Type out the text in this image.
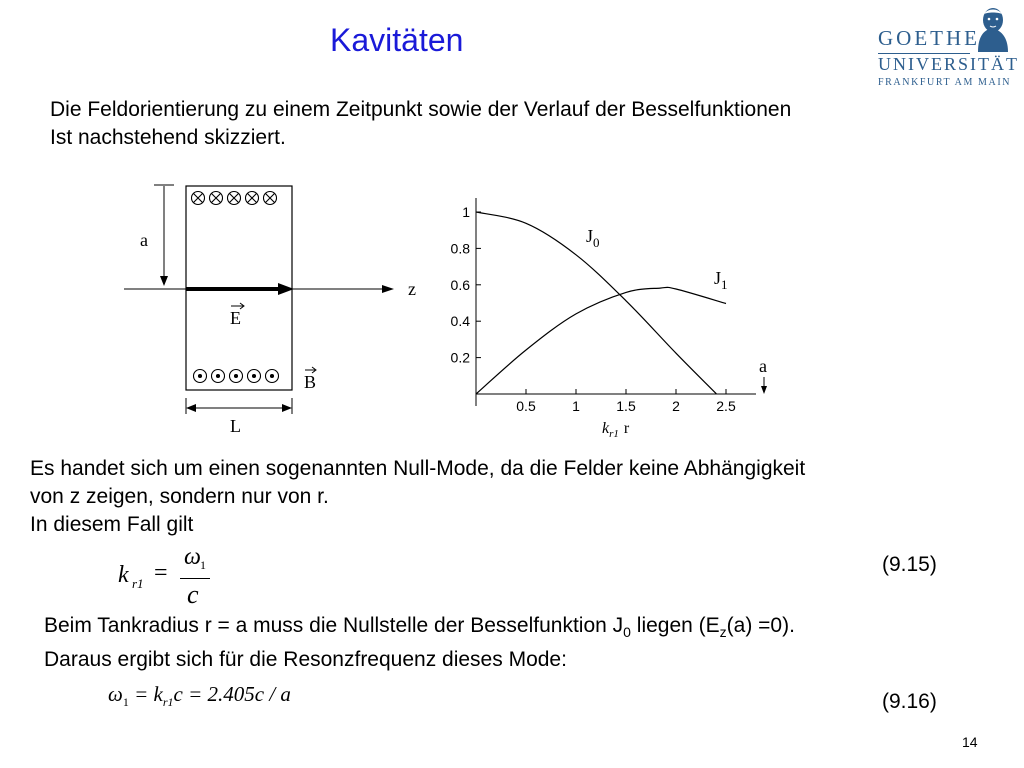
Kavitäten	GOETHE
UNIVERSITÄT
FRANKFURT AM MAIN
Die Feldorientierung zu einem Zeitpunkt sowie der Verlauf der Besselfunktionen
Ist nachstehend skizziert.
a
z
E
B
L
1
0.8
0.6
0.4
0.2
0.5	1	1.5	2	2.5
$J_0$
$J_1$
a
$k_{r1}$ r
Es handet sich um einen sogenannten Null-Mode, da die Felder keine Abhängigkeit
von z zeigen, sondern nur von r.
In diesem Fall gilt
k r1 =
ω 1
c
(9.15)
Beim Tankradius r = a muss die Nullstelle der Besselfunktion $J_0$ liegen $(E_z(a) =0)$.
Daraus ergibt sich für die Resonzfrequenz dieses Mode:
$\omega_1 = k_{r1}c = 2.405c / a$	(9.16)
14
